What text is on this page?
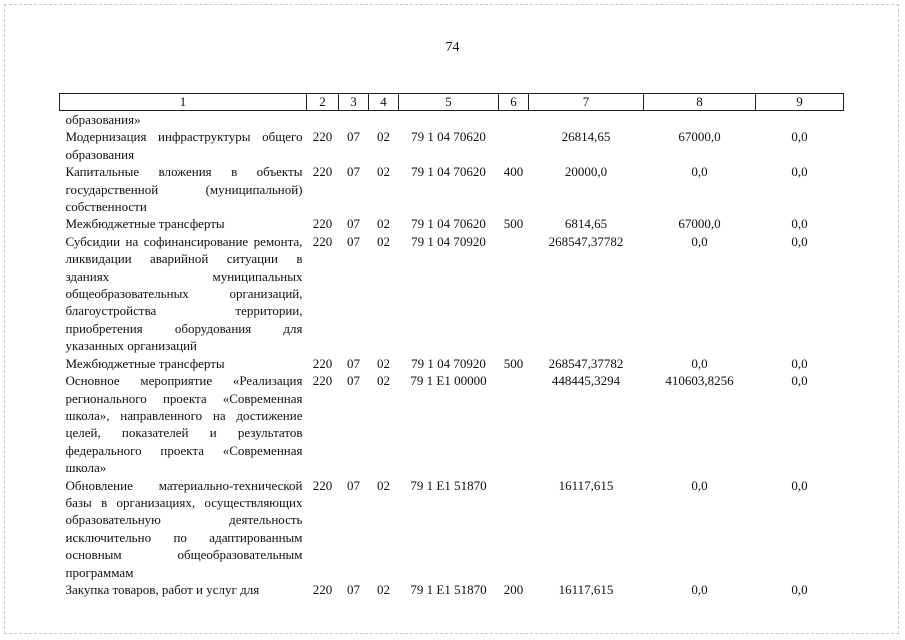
74
1	2	3	4	5	6	7	8	9
образования»								
Модернизация инфраструктуры общего образования	220	07	02	79 1 04 70620		26814,65	67000,0	0,0
Капитальные вложения в объекты государственной (муниципальной) собственности	220	07	02	79 1 04 70620	400	20000,0	0,0	0,0
Межбюджетные трансферты	220	07	02	79 1 04 70620	500	6814,65	67000,0	0,0
Субсидии на софинансирование ремонта, ликвидации аварийной ситуации в зданиях муниципальных общеобразовательных организаций, благоустройства территории, приобретения оборудования для указанных организаций	220	07	02	79 1 04 70920		268547,37782	0,0	0,0
Межбюджетные трансферты	220	07	02	79 1 04 70920	500	268547,37782	0,0	0,0
Основное мероприятие «Реализация регионального проекта «Современная школа», направленного на достижение целей, показателей и результатов федерального проекта «Современная школа»	220	07	02	79 1 E1 00000		448445,3294	410603,8256	0,0
Обновление материально-технической базы в организациях, осуществляющих образовательную деятельность исключительно по адаптированным основным общеобразовательным программам	220	07	02	79 1 E1 51870		16117,615	0,0	0,0
Закупка товаров, работ и услуг для	220	07	02	79 1 E1 51870	200	16117,615	0,0	0,0
